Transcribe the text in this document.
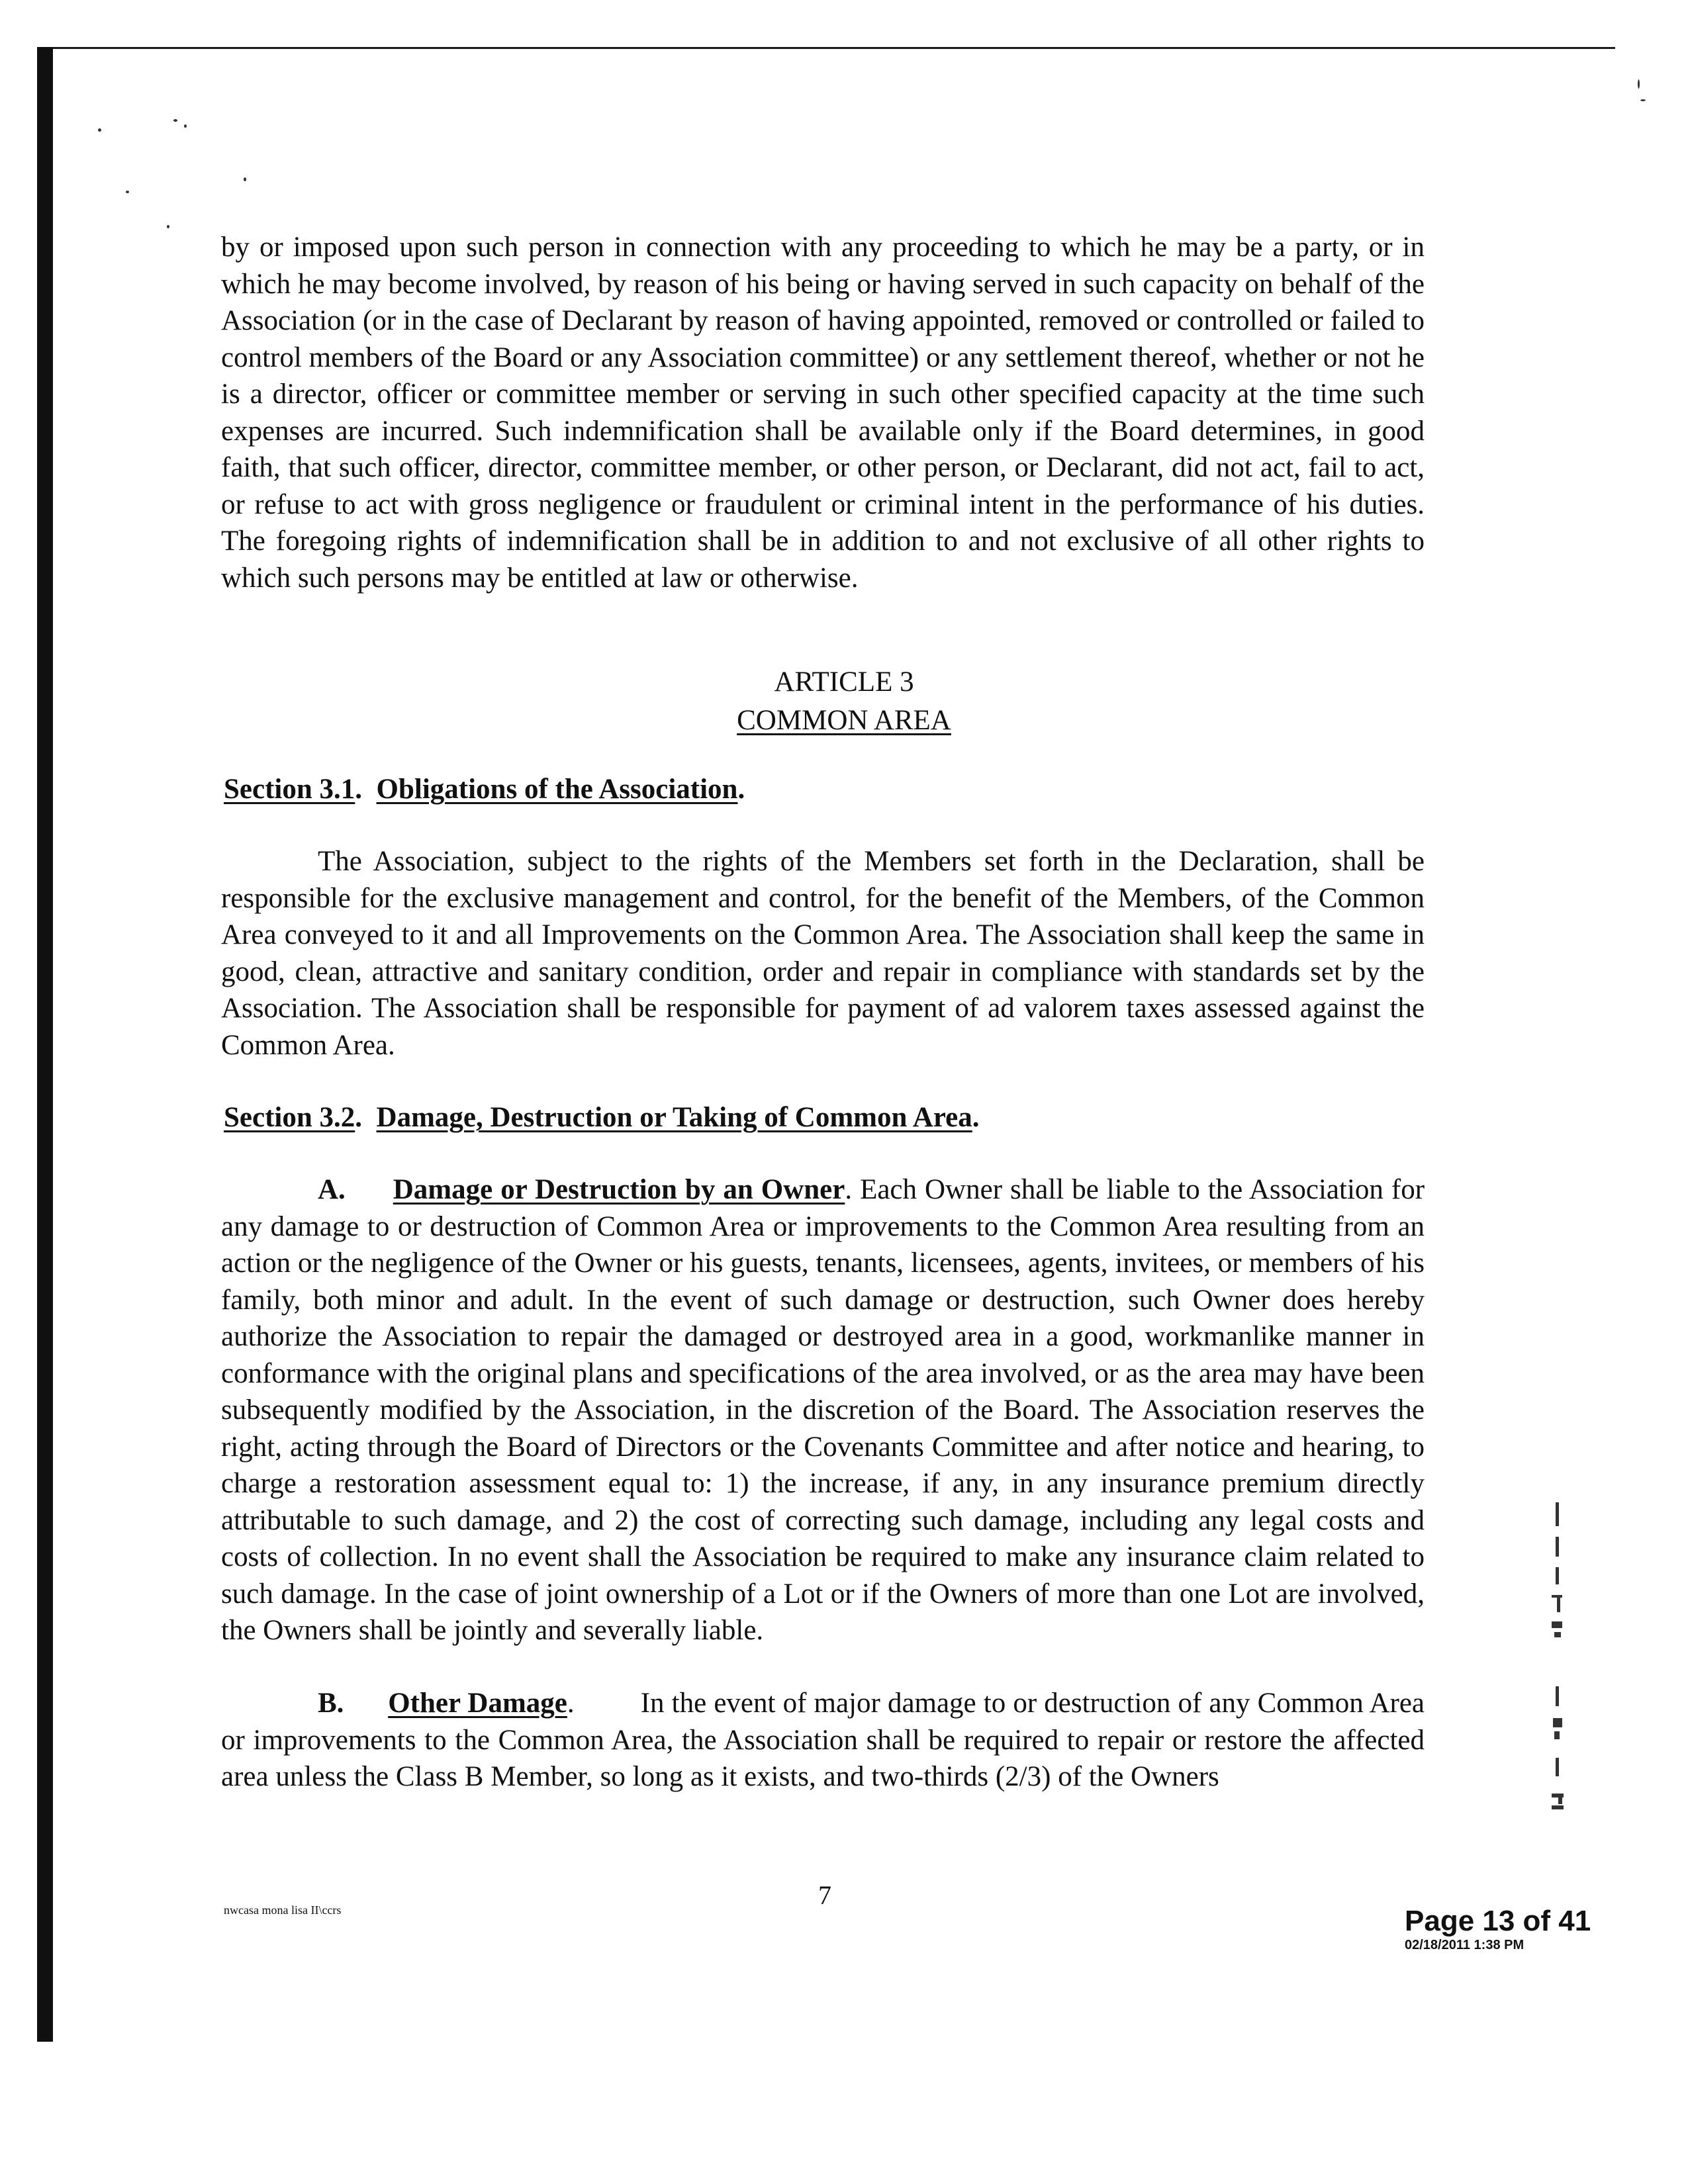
by or imposed upon such person in connection with any proceeding to which he may be a party, or in which he may become involved, by reason of his being or having served in such capacity on behalf of the Association (or in the case of Declarant by reason of having appointed, removed or controlled or failed to control members of the Board or any Association committee) or any settlement thereof, whether or not he is a director, officer or committee member or serving in such other specified capacity at the time such expenses are incurred. Such indemnification shall be available only if the Board determines, in good faith, that such officer, director, committee member, or other person, or Declarant, did not act, fail to act, or refuse to act with gross negligence or fraudulent or criminal intent in the performance of his duties. The foregoing rights of indemnification shall be in addition to and not exclusive of all other rights to which such persons may be entitled at law or otherwise.

ARTICLE 3
COMMON AREA
Section 3.1.  Obligations of the Association.

The Association, subject to the rights of the Members set forth in the Declaration, shall be responsible for the exclusive management and control, for the benefit of the Members, of the Common Area conveyed to it and all Improvements on the Common Area. The Association shall keep the same in good, clean, attractive and sanitary condition, order and repair in compliance with standards set by the Association. The Association shall be responsible for payment of ad valorem taxes assessed against the Common Area.

Section 3.2.  Damage, Destruction or Taking of Common Area.

A. Damage or Destruction by an Owner. Each Owner shall be liable to the Association for any damage to or destruction of Common Area or improvements to the Common Area resulting from an action or the negligence of the Owner or his guests, tenants, licensees, agents, invitees, or members of his family, both minor and adult. In the event of such damage or destruction, such Owner does hereby authorize the Association to repair the damaged or destroyed area in a good, workmanlike manner in conformance with the original plans and specifications of the area involved, or as the area may have been subsequently modified by the Association, in the discretion of the Board. The Association reserves the right, acting through the Board of Directors or the Covenants Committee and after notice and hearing, to charge a restoration assessment equal to: 1) the increase, if any, in any insurance premium directly attributable to such damage, and 2) the cost of correcting such damage, including any legal costs and costs of collection. In no event shall the Association be required to make any insurance claim related to such damage. In the case of joint ownership of a Lot or if the Owners of more than one Lot are involved, the Owners shall be jointly and severally liable.

B. Other Damage.         In the event of major damage to or destruction of any Common Area or improvements to the Common Area, the Association shall be required to repair or restore the affected area unless the Class B Member, so long as it exists, and two-thirds (2/3) of the Owners

nwcasa mona lisa II\ccrs	7
Page 13 of 41
02/18/2011 1:38 PM
